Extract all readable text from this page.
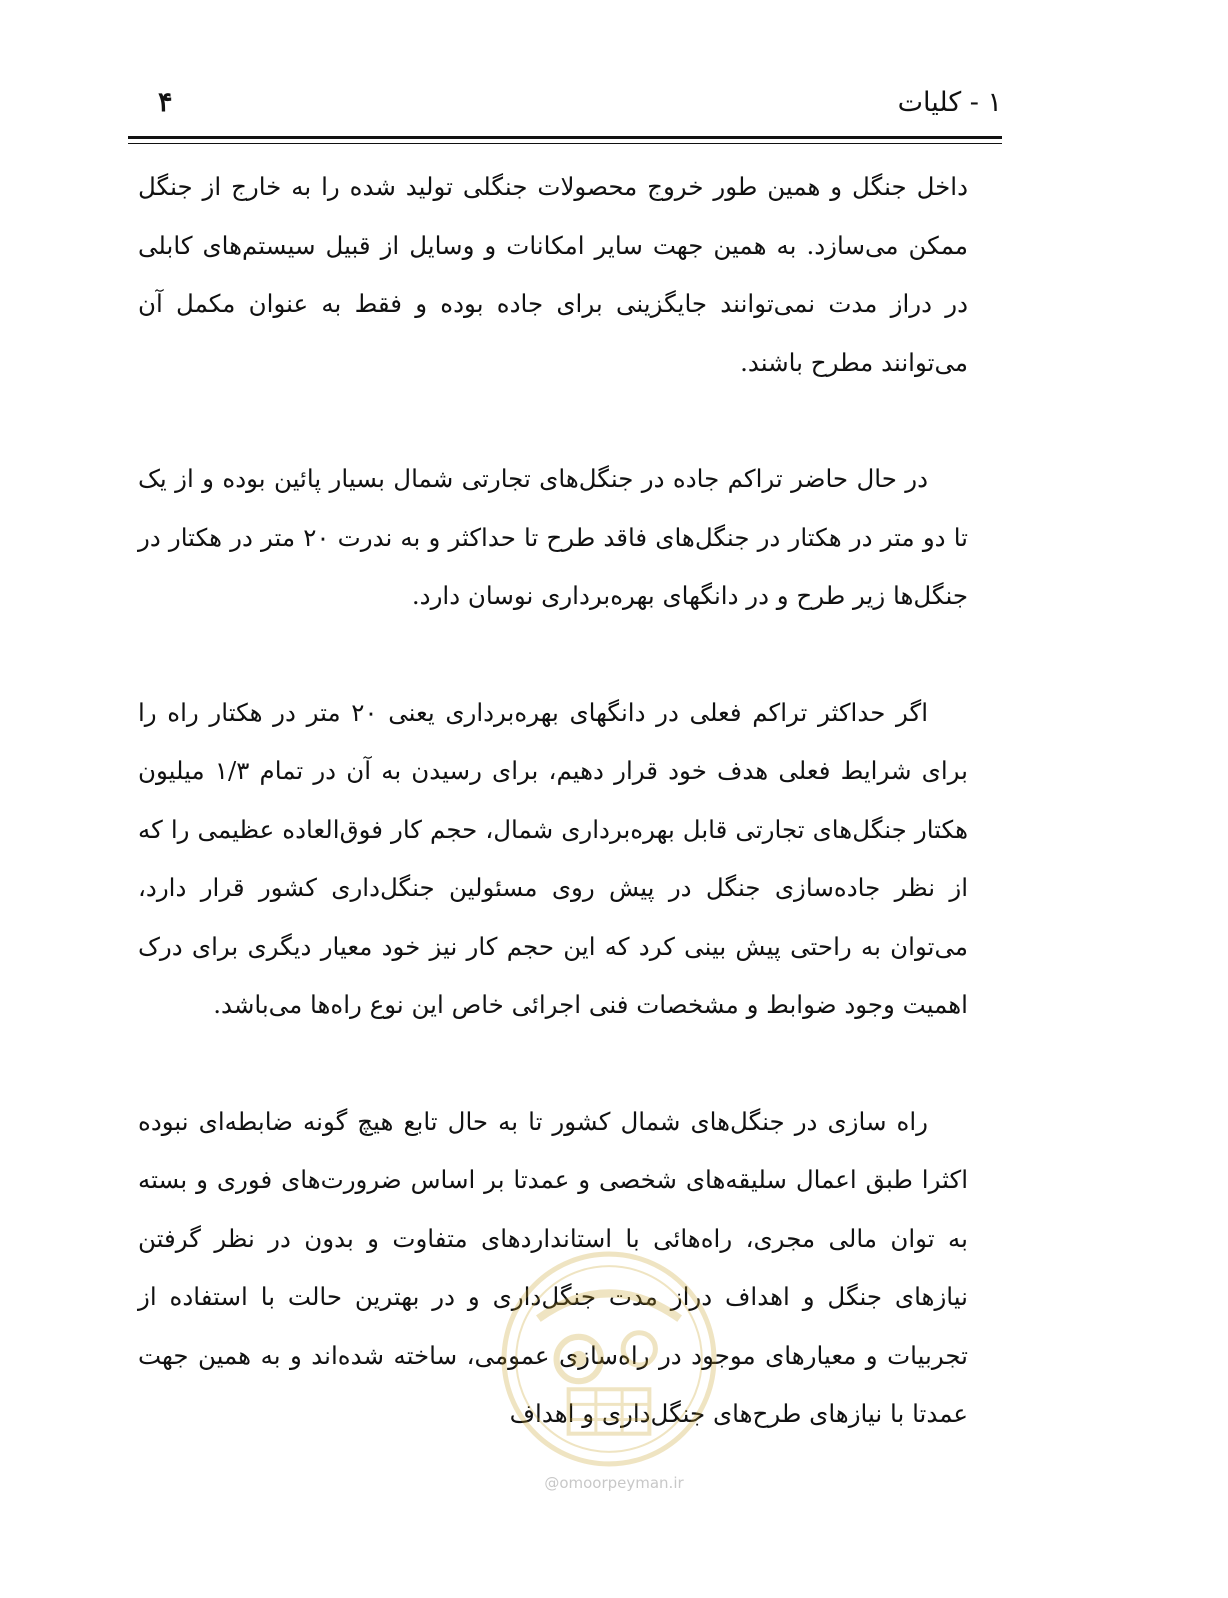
۱ - کلیات
۴

داخل جنگل و همین طور خروج محصولات جنگلی تولید شده را به خارج از جنگل ممکن می‌سازد. به همین جهت سایر امکانات و وسایل از قبیل سیستم‌های کابلی در دراز مدت نمی‌توانند جایگزینی برای جاده بوده و فقط به عنوان مکمل آن می‌توانند مطرح باشند.

در حال حاضر تراکم جاده در جنگل‌های تجارتی شمال بسیار پائین بوده و از یک تا دو متر در هکتار در جنگل‌های فاقد طرح تا حداکثر و به ندرت ۲۰ متر در هکتار در جنگل‌ها زیر طرح و در دانگهای بهره‌برداری نوسان دارد.

اگر حداکثر تراکم فعلی در دانگهای بهره‌برداری یعنی ۲۰ متر در هکتار راه را برای شرایط فعلی هدف خود قرار دهیم، برای رسیدن به آن در تمام ۱/۳ میلیون هکتار جنگل‌های تجارتی قابل بهره‌برداری شمال، حجم کار فوق‌العاده عظیمی را که از نظر جاده‌سازی جنگل در پیش روی مسئولین جنگل‌داری کشور قرار دارد، می‌توان به راحتی پیش بینی کرد که این حجم کار نیز خود معیار دیگری برای درک اهمیت وجود ضوابط و مشخصات فنی اجرائی خاص این نوع راه‌ها می‌باشد.

راه سازی در جنگل‌های شمال کشور تا به حال تابع هیچ گونه ضابطه‌ای نبوده اکثرا طبق اعمال سلیقه‌های شخصی و عمدتا بر اساس ضرورت‌های فوری و بسته به توان مالی مجری، راه‌هائی با استانداردهای متفاوت و بدون در نظر گرفتن نیازهای جنگل و اهداف دراز مدت جنگل‌داری و در بهترین حالت با استفاده از تجربیات و معیارهای موجود در راه‌سازی عمومی، ساخته شده‌اند و به همین جهت عمدتا با نیازهای طرح‌های جنگل‌داری و اهداف

@omoorpeyman.ir
